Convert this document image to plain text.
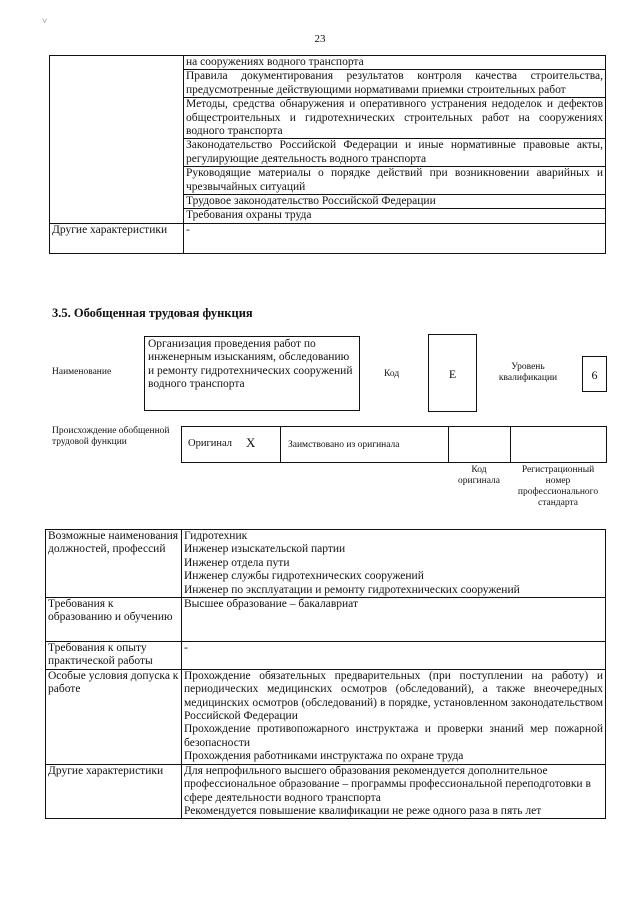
˅
23
	на сооружениях водного транспорта
	Правила документирования результатов контроля качества строительства, предусмотренные действующими нормативами приемки строительных работ
	Методы, средства обнаружения и оперативного устранения недоделок и дефектов общестроительных и гидротехнических строительных работ на сооружениях водного транспорта
	Законодательство Российской Федерации и иные нормативные правовые акты, регулирующие деятельность водного транспорта
	Руководящие материалы о порядке действий при возникновении аварийных и чрезвычайных ситуаций
	Трудовое законодательство Российской Федерации
	Требования охраны труда
Другие характеристики	-
3.5. Обобщенная трудовая функция
Наименование
Организация проведения работ по инженерным изысканиям, обследованию и ремонту гидротехнических сооружений водного транспорта
Код	E	Уровень квалификации	6
Происхождение обобщенной трудовой функции	Оригинал X	Заимствовано из оригинала
Код оригинала
Регистрационный номер профессионального стандарта
Возможные наименования должностей, профессий	Гидротехник
Инженер изыскательской партии
Инженер отдела пути
Инженер службы гидротехнических сооружений
Инженер по эксплуатации и ремонту гидротехнических сооружений

Требования к образованию и обучению	Высшее образование – бакалавриат

Требования к опыту практической работы	-

Особые условия допуска к работе	Прохождение обязательных предварительных (при поступлении на работу) и периодических медицинских осмотров (обследований), а также внеочередных медицинских осмотров (обследований) в порядке, установленном законодательством Российской Федерации
Прохождение противопожарного инструктажа и проверки знаний мер пожарной безопасности
Прохождения работниками инструктажа по охране труда

Другие характеристики	Для непрофильного высшего образования рекомендуется дополнительное профессиональное образование – программы профессиональной переподготовки в сфере деятельности водного транспорта
Рекомендуется повышение квалификации не реже одного раза в пять лет
